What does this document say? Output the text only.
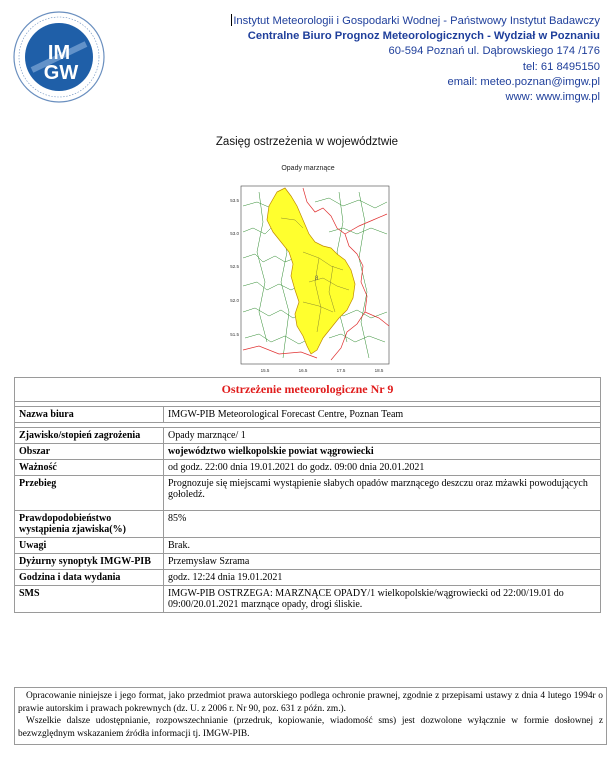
IM
GW
Instytut Meteorologii i Gospodarki Wodnej - Państwowy Instytut Badawczy
Centralne Biuro Prognoz Meteorologicznych - Wydział w Poznaniu
60-594 Poznań ul. Dąbrowskiego 174 /176
tel: 61 8495150
email: meteo.poznan@imgw.pl
www: www.imgw.pl
Zasięg ostrzeżenia w województwie
Opady marznące
8
53.5
53.0
52.5
52.0
51.5
15.5	16.5	17.5	18.5
Ostrzeżenie meteorologiczne Nr 9	

Nazwa biura	IMGW-PIB Meteorological Forecast Centre, Poznan Team

Zjawisko/stopień zagrożenia	Opady marznące/ 1
Obszar	województwo wielkopolskie powiat wągrowiecki
Ważność	od godz. 22:00 dnia 19.01.2021 do godz. 09:00 dnia 20.01.2021
Przebieg	Prognozuje się miejscami wystąpienie słabych opadów marznącego deszczu oraz mżawki powodujących gołoledź.
Prawdopodobieństwo wystąpienia zjawiska(%)	85%
Uwagi	Brak.
Dyżurny synoptyk IMGW-PIB	Przemysław Szrama
Godzina i data wydania	godz. 12:24 dnia 19.01.2021
SMS	IMGW-PIB OSTRZEGA: MARZNĄCE OPADY/1 wielkopolskie/wągrowiecki od 22:00/19.01 do 09:00/20.01.2021 marznące opady, drogi śliskie.

Opracowanie niniejsze i jego format, jako przedmiot prawa autorskiego podlega ochronie prawnej, zgodnie z przepisami ustawy z dnia 4 lutego 1994r o prawie autorskim i prawach pokrewnych (dz. U. z 2006 r. Nr 90, poz. 631 z późn. zm.).

Wszelkie dalsze udostępnianie, rozpowszechnianie (przedruk, kopiowanie, wiadomość sms) jest dozwolone wyłącznie w formie dosłownej z bezwzględnym wskazaniem źródła informacji tj. IMGW-PIB.
